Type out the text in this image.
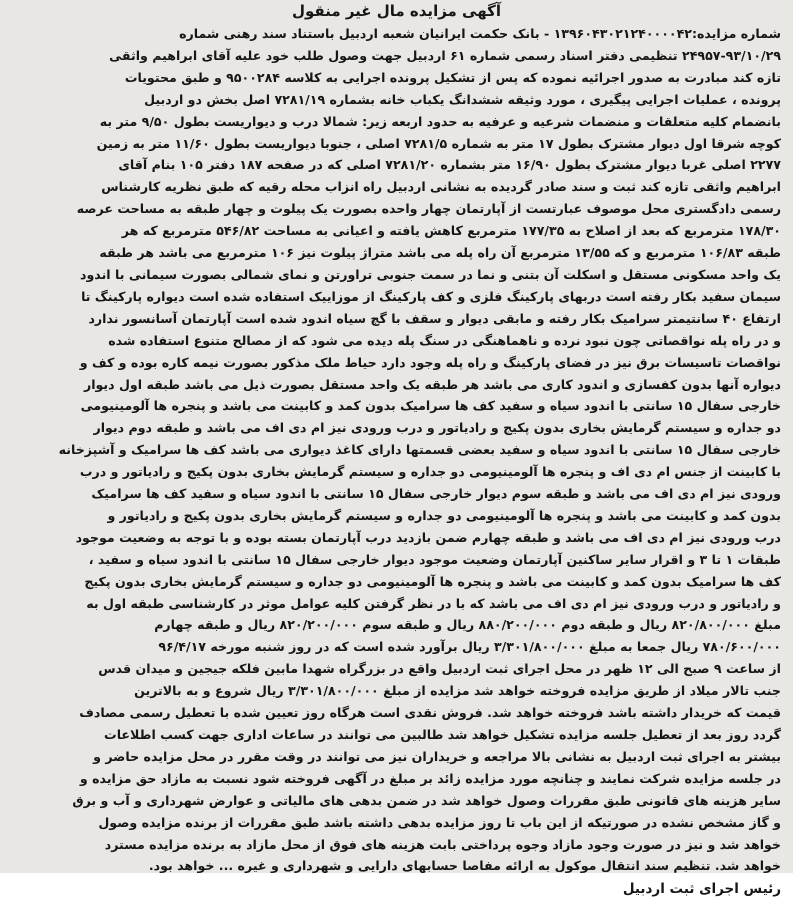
آگهی مزایده مال غیر منقول
شماره مزایده:۱۳۹۶۰۴۳۰۲۱۲۴۰۰۰۰۴۲ - بانک حکمت ایرانیان شعبه اردبیل باستناد سند رهنی شماره
۲۴۹۵۷-۹۳/۱۰/۲۹ تنظیمی دفتر اسناد رسمی شماره ۶۱ اردبیل جهت وصول طلب خود علیه آقای ابراهیم واثقی
تازه کند مبادرت به صدور اجرائیه نموده که پس از تشکیل پرونده اجرایی به کلاسه ۹۵۰۰۲۸۴ و طبق محتویات
پرونده ، عملیات اجرایی پیگیری ، مورد وثیقه ششدانگ یکباب خانه بشماره ۷۲۸۱/۱۹ اصل بخش دو اردبیل
بانضمام کلیه متعلقات و منضمات شرعیه و عرفیه به حدود اربعه زیر: شمالا درب و دیواریست بطول ۹/۵۰ متر به
کوچه شرقا اول دیوار مشترک بطول ۱۷ متر به شماره ۷۲۸۱/۵ اصلی ، جنوبا دیواریست بطول ۱۱/۶۰ متر به زمین
۲۲۷۷ اصلی غربا دیوار مشترک بطول ۱۶/۹۰ متر بشماره ۷۲۸۱/۲۰ اصلی که در صفحه ۱۸۷ دفتر ۱۰۵ بنام آقای
ابراهیم واثقی تازه کند ثبت و سند صادر گردیده به نشانی اردبیل راه انزاب محله رقیه که طبق نظریه کارشناس
رسمی دادگستری محل موصوف عبارتست از آپارتمان چهار واحده بصورت یک پیلوت و چهار طبقه به مساحت عرصه
۱۷۸/۳۰ مترمربع که بعد از اصلاح به ۱۷۷/۳۵ مترمربع کاهش یافته و اعیانی به مساحت ۵۴۶/۸۲ مترمربع که هر
طبقه ۱۰۶/۸۳ مترمربع و که ۱۳/۵۵ مترمربع آن راه پله می باشد متراژ پیلوت نیز ۱۰۶ مترمربع می باشد هر طبقه
یک واحد مسکونی مستقل و اسکلت آن بتنی و نما در سمت جنوبی تراورتن و نمای شمالی بصورت سیمانی با اندود
سیمان سفید بکار رفته است دربهای پارکینگ فلزی و کف پارکینگ از موزاییک استفاده شده است دیواره پارکینگ تا
ارتفاع ۴۰ سانتیمتر سرامیک بکار رفته و مابقی دیوار و سقف با گچ سیاه اندود شده است آپارتمان آسانسور ندارد
و در راه پله نواقصاتی چون نبود نرده و ناهماهنگی در سنگ پله دیده می شود که از مصالح متنوع استفاده شده
نواقصات تاسیسات برق نیز در فضای پارکینگ و راه پله وجود دارد حیاط ملک مذکور بصورت نیمه کاره بوده و کف و
دیواره آنها بدون کفسازی و اندود کاری می باشد هر طبقه یک واحد مستقل بصورت ذیل می باشد طبقه اول دیوار
خارجی سفال ۱۵ سانتی با اندود سیاه و سفید کف ها سرامیک بدون کمد و کابینت می باشد و پنجره ها آلومینیومی
دو جداره و سیستم گرمایش بخاری بدون پکیج و رادیاتور و درب ورودی نیز ام دی اف می باشد و طبقه دوم دیوار
خارجی سفال ۱۵ سانتی با اندود سیاه و سفید بعضی قسمتها دارای کاغذ دیواری می باشد کف ها سرامیک و آشپزخانه
با کابینت از جنس ام دی اف و پنجره ها آلومینیومی دو جداره و سیستم گرمایش بخاری بدون پکیج و رادیاتور و درب
ورودی نیز ام دی اف می باشد و طبقه سوم دیوار خارجی سفال ۱۵ سانتی با اندود سیاه و سفید کف ها سرامیک
بدون کمد و کابینت می باشد و پنجره ها آلومینیومی دو جداره و سیستم گرمایش بخاری بدون پکیج و رادیاتور و
درب ورودی نیز ام دی اف می باشد و طبقه چهارم ضمن بازدید درب آپارتمان بسته بوده و با توجه به وضعیت موجود
طبقات ۱ تا ۳ و اقرار سایر ساکنین آپارتمان وضعیت موجود دیوار خارجی سفال ۱۵ سانتی با اندود سیاه و سفید ،
کف ها سرامیک بدون کمد و کابینت می باشد و پنجره ها آلومینیومی دو جداره و سیستم گرمایش بخاری بدون پکیج
و رادیاتور و درب ورودی نیز ام دی اف می باشد که با در نظر گرفتن کلیه عوامل موثر در کارشناسی طبقه اول به
مبلغ ۸۲۰/۸۰۰/۰۰۰ ریال و طبقه دوم ۸۸۰/۲۰۰/۰۰۰ ریال و طبقه سوم ۸۲۰/۲۰۰/۰۰۰ ریال و طبقه چهارم
۷۸۰/۶۰۰/۰۰۰ ریال جمعا به مبلغ ۳/۳۰۱/۸۰۰/۰۰۰ ریال برآورد شده است که در روز شنبه مورخه ۹۶/۴/۱۷
از ساعت ۹ صبح الی ۱۲ ظهر در محل اجرای ثبت اردبیل واقع در بزرگراه شهدا مابین فلکه جیجین و میدان قدس
جنب تالار میلاد از طریق مزایده فروخته خواهد شد مزایده از مبلغ ۳/۳۰۱/۸۰۰/۰۰۰ ریال شروع و به بالاترین
قیمت که خریدار داشته باشد فروخته خواهد شد. فروش نقدی است هرگاه روز تعیین شده با تعطیل رسمی مصادف
گردد روز بعد از تعطیل جلسه مزایده تشکیل خواهد شد طالبین می توانند در ساعات اداری جهت کسب اطلاعات
بیشتر به اجرای ثبت اردبیل به نشانی بالا مراجعه و خریداران نیز می توانند در وقت مقرر در محل مزایده حاضر و
در جلسه مزایده شرکت نمایند و چنانچه مورد مزایده زائد بر مبلغ در آگهی فروخته شود نسبت به مازاد حق مزایده و
سایر هزینه های قانونی طبق مقررات وصول خواهد شد در ضمن بدهی های مالیاتی و عوارض شهرداری و آب و برق
و گاز مشخص نشده در صورتیکه از این باب تا روز مزایده بدهی داشته باشد طبق مقررات از برنده مزایده وصول
خواهد شد و نیز در صورت وجود مازاد وجوه پرداختی بابت هزینه های فوق از محل مازاد به برنده مزایده مسترد
خواهد شد. تنظیم سند انتقال موکول به ارائه مفاصا حسابهای دارایی و شهرداری و غیره ... خواهد بود.
رئیس اجرای ثبت اردبیل
